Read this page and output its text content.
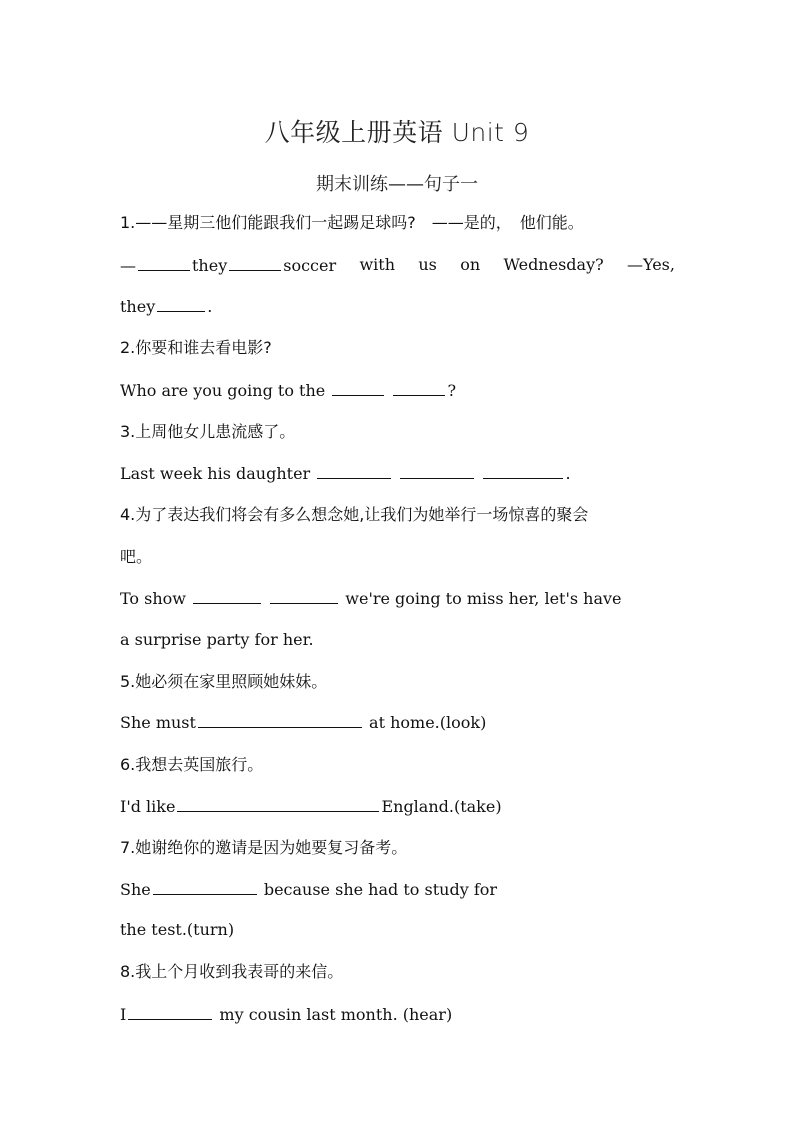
八年级上册英语 Unit 9
期末训练——句子一
1.——星期三他们能跟我们一起踢足球吗?　——是的，　他们能。
—	they	soccer with us on Wednesday? —Yes,
they	.
2.你要和谁去看电影?
Who are you going to the	?
3.上周他女儿患流感了。
Last week his daughter	.
4.为了表达我们将会有多么想念她,让我们为她举行一场惊喜的聚会
吧。
To show	we're going to miss her, let's have
a surprise party for her.
5.她必须在家里照顾她妹妹。
She must	at home.(look)
6.我想去英国旅行。
I'd like	England.(take)
7.她谢绝你的邀请是因为她要复习备考。
She	because she had to study for
the test.(turn)
8.我上个月收到我表哥的来信。
I	my cousin last month. (hear)
